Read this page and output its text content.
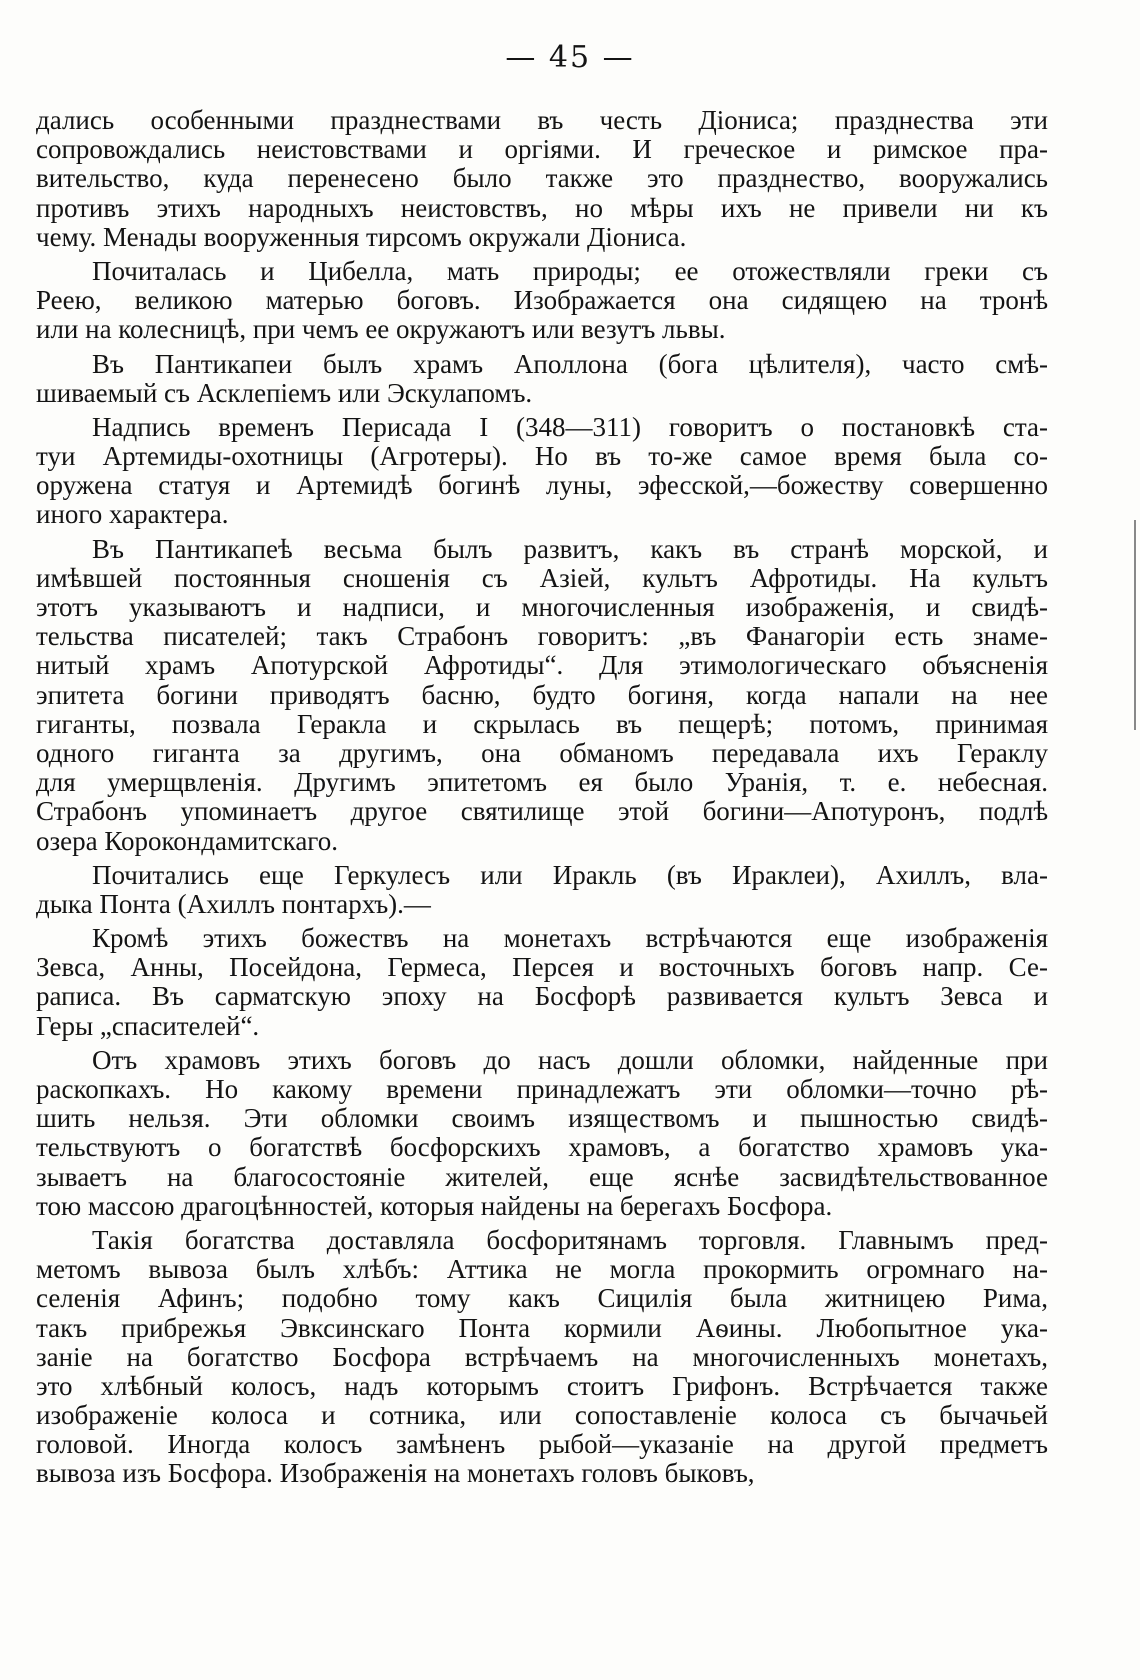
— 45 —
дались особенными празднествами въ честь Діониса; празднества эти
сопровождались неистовствами и оргіями. И греческое и римское пра-
вительство, куда перенесено было также это празднество, вооружались
противъ этихъ народныхъ неистовствъ, но мѣры ихъ не привели ни къ
чему. Менады вооруженныя тирсомъ окружали Діониса.
Почиталась и Цибелла, мать природы; ее отожествляли греки съ
Реею, великою матерью боговъ. Изображается она сидящею на тронѣ
или на колесницѣ, при чемъ ее окружаютъ или везутъ львы.
Въ Пантикапеи былъ храмъ Аполлона (бога цѣлителя), часто смѣ-
шиваемый съ Асклепіемъ или Эскулапомъ.
Надпись временъ Перисада I (348—311) говоритъ о постановкѣ ста-
туи Артемиды-охотницы (Агротеры). Но въ то-же самое время была со-
оружена статуя и Артемидѣ богинѣ луны, эфесской,—божеству совершенно
иного характера.
Въ Пантикапеѣ весьма былъ развитъ, какъ въ странѣ морской, и
имѣвшей постоянныя сношенія съ Азіей, культъ Афротиды. На культъ
этотъ указываютъ и надписи, и многочисленныя изображенія, и свидѣ-
тельства писателей; такъ Страбонъ говоритъ: „въ Фанагоріи есть знаме-
нитый храмъ Апотурской Афротиды“. Для этимологическаго объясненія
эпитета богини приводятъ басню, будто богиня, когда напали на нее
гиганты, позвала Геракла и скрылась въ пещерѣ; потомъ, принимая
одного гиганта за другимъ, она обманомъ передавала ихъ Гераклу
для умерщвленія. Другимъ эпитетомъ ея было Уранія, т. е. небесная.
Страбонъ упоминаетъ другое святилище этой богини—Апотуронъ, подлѣ
озера Корокондамитскаго.
Почитались еще Геркулесъ или Иракль (въ Ираклеи), Ахиллъ, вла-
дыка Понта (Ахиллъ понтархъ).—
Кромѣ этихъ божествъ на монетахъ встрѣчаются еще изображенія
Зевса, Анны, Посейдона, Гермеса, Персея и восточныхъ боговъ напр. Се-
раписа. Въ сарматскую эпоху на Босфорѣ развивается культъ Зевса и
Геры „спасителей“.
Отъ храмовъ этихъ боговъ до насъ дошли обломки, найденные при
раскопкахъ. Но какому времени принадлежатъ эти обломки—точно рѣ-
шить нельзя. Эти обломки своимъ изяществомъ и пышностью свидѣ-
тельствуютъ о богатствѣ босфорскихъ храмовъ, а богатство храмовъ ука-
зываетъ на благосостояніе жителей, еще яснѣе засвидѣтельствованное
тою массою драгоцѣнностей, которыя найдены на берегахъ Босфора.
Такія богатства доставляла босфоритянамъ торговля. Главнымъ пред-
метомъ вывоза былъ хлѣбъ: Аттика не могла прокормить огромнаго на-
селенія Афинъ; подобно тому какъ Сицилія была житницею Рима,
такъ прибрежья Эвксинскаго Понта кормили Аѳины. Любопытное ука-
заніе на богатство Босфора встрѣчаемъ на многочисленныхъ монетахъ,
это хлѣбный колосъ, надъ которымъ стоитъ Грифонъ. Встрѣчается также
изображеніе колоса и сотника, или сопоставленіе колоса съ бычачьей
головой. Иногда колосъ замѣненъ рыбой—указаніе на другой предметъ
вывоза изъ Босфора. Изображенія на монетахъ головъ быковъ,
